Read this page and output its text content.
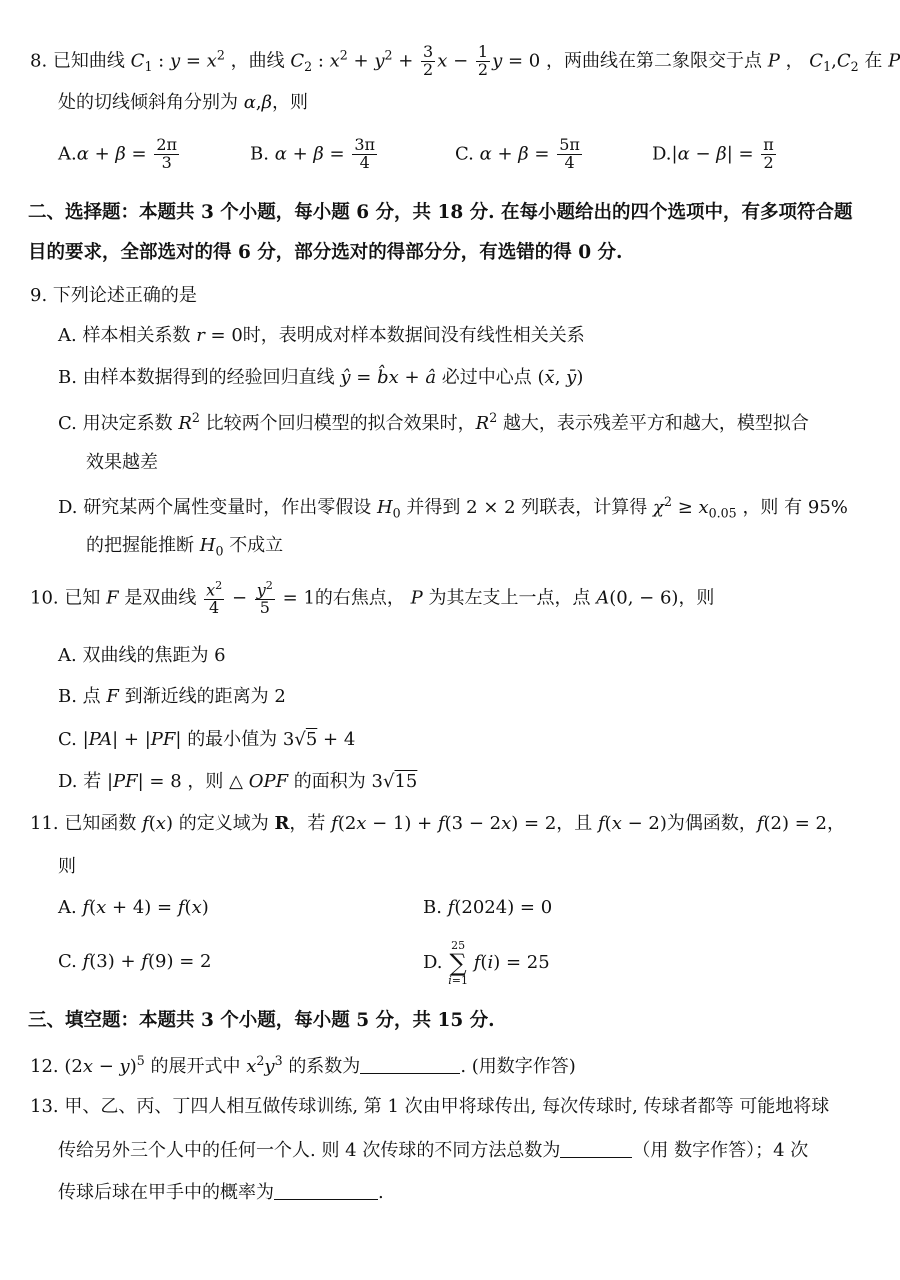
8. 已知曲线 $C_1$ : $y = x^2$ ，曲线 $C_2$ : $x^2 + y^2 + \frac{3}{2}$ $x - \frac{1}{2}$ y = 0 ，两曲线在第二象限交于点 P ， $C_1,C_2$ 在 P
处的切线倾斜角分别为 α,β，则
$A.\alpha + \beta = \frac{2\pi}{3}$	B. $\alpha + \beta = \frac{3\pi}{4}$	C. $\alpha + \beta = \frac{5\pi}{4}$	$D.|\alpha - \beta| = \frac{\pi}{2}$
二、选择题：本题共 3 个小题，每小题 6 分，共 18 分. 在每小题给出的四个选项中，有多项符合题
目的要求，全部选对的得 6 分，部分选对的得部分分，有选错的得 0 分.
9. 下列论述正确的是
A. 样本相关系数 r = 0时，表明成对样本数据间没有线性相关关系
B. 由样本数据得到的经验回归直线 ŷ = b̂x + â 必过中心点 (x̄, ȳ)
C. 用决定系数 $R^2$ 比较两个回归模型的拟合效果时，$R^2$ 越大，表示残差平方和越大，模型拟合
效果越差
D. 研究某两个属性变量时，作出零假设 $H_0$ 并得到 2 × 2 列联表，计算得 $\chi^2 \ge x_{0.05}$ ，则 有 95%
的把握能推断 $H_0$ 不成立
10. 已知 F 是双曲线 $\frac{x^2}{4} - \frac{y^2}{5} = 1$的右焦点， P 为其左支上一点，点 A(0, − 6)，则
A. 双曲线的焦距为 6
B. 点 F 到渐近线的距离为 2
C. |PA| + |PF| 的最小值为 3√5 + 4
D. 若 |PF| = 8 ，则 △ OPF 的面积为 3√15
11. 已知函数 f(x) 的定义域为 R，若 f(2x − 1) + f(3 − 2x) = 2，且 f(x − 2)为偶函数，f(2) = 2，
则
A. f(x + 4) = f(x)	B. f(2024) = 0
C. f(3) + f(9) = 2	D. 25
∑
i=1 f(i) = 25
三、填空题：本题共 3 个小题，每小题 5 分，共 15 分.
12. $(2x - y)^5$ 的展开式中 $x^2y^3$ 的系数为	. (用数字作答)
13. 甲、乙、丙、丁四人相互做传球训练, 第 1 次由甲将球传出, 每次传球时, 传球者都等 可能地将球
传给另外三个人中的任何一个人. 则 4 次传球的不同方法总数为	（用 数字作答）；4 次
传球后球在甲手中的概率为	.
